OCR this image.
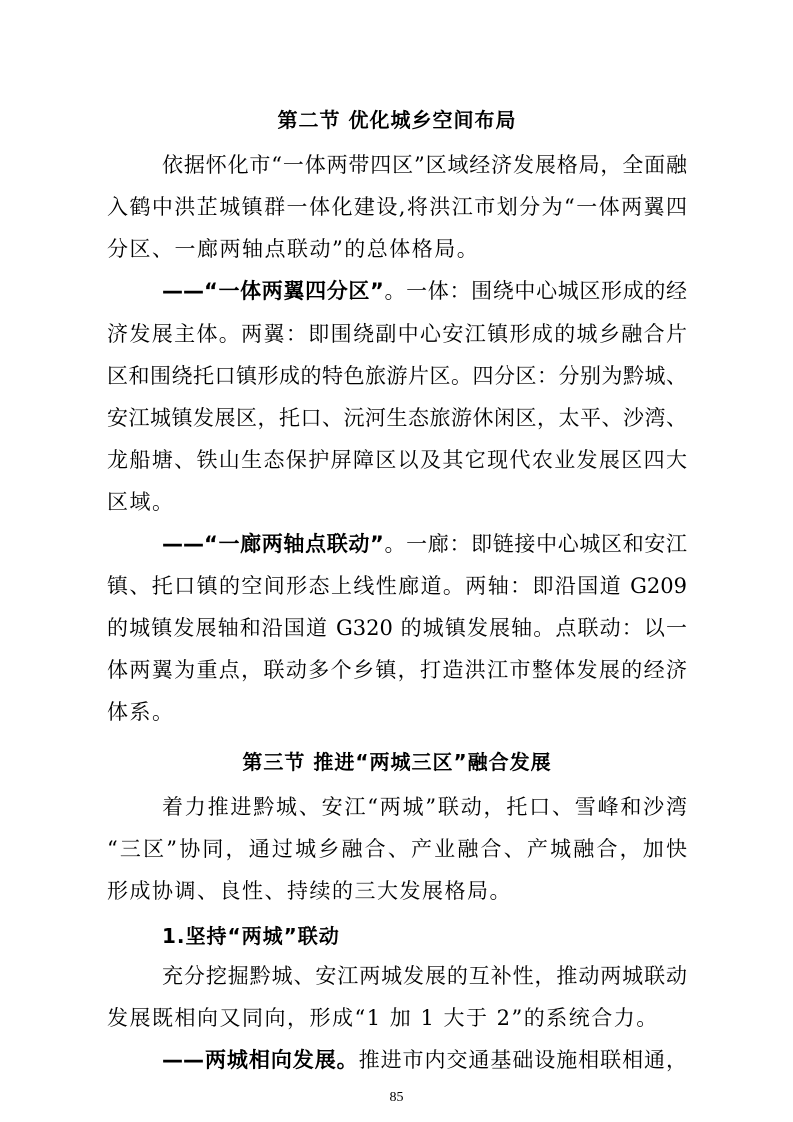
第二节 优化城乡空间布局
依据怀化市“一体两带四区”区域经济发展格局，全面融
入鹤中洪芷城镇群一体化建设,将洪江市划分为“一体两翼四
分区、一廊两轴点联动”的总体格局。
——“一体两翼四分区”。一体：围绕中心城区形成的经
济发展主体。两翼：即围绕副中心安江镇形成的城乡融合片
区和围绕托口镇形成的特色旅游片区。四分区：分别为黔城、
安江城镇发展区，托口、沅河生态旅游休闲区，太平、沙湾、
龙船塘、铁山生态保护屏障区以及其它现代农业发展区四大
区域。
——“一廊两轴点联动”。一廊：即链接中心城区和安江
镇、托口镇的空间形态上线性廊道。两轴：即沿国道 G209
的城镇发展轴和沿国道 G320 的城镇发展轴。点联动：以一
体两翼为重点，联动多个乡镇，打造洪江市整体发展的经济
体系。
第三节 推进“两城三区”融合发展
着力推进黔城、安江“两城”联动，托口、雪峰和沙湾
“三区”协同，通过城乡融合、产业融合、产城融合，加快
形成协调、良性、持续的三大发展格局。
1.坚持“两城”联动
充分挖掘黔城、安江两城发展的互补性，推动两城联动
发展既相向又同向，形成“1 加 1 大于 2”的系统合力。
——两城相向发展。推进市内交通基础设施相联相通，
85
